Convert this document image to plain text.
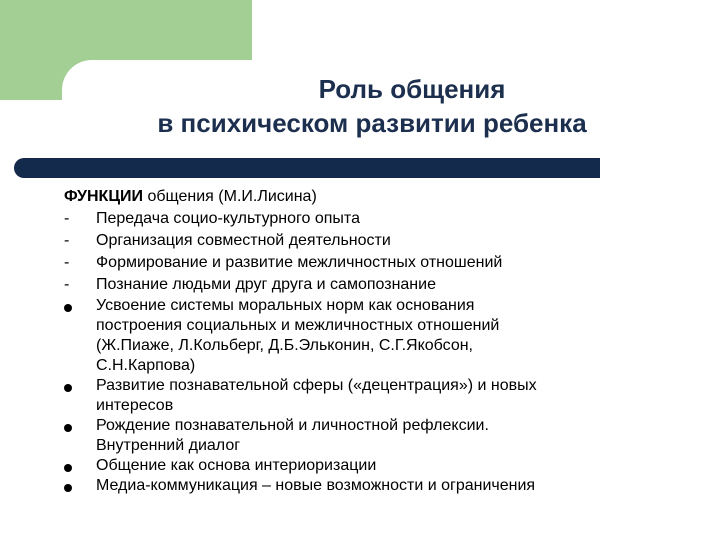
Роль общения
в психическом развитии ребенка
ФУНКЦИИ общения (М.И.Лисина)
-	Передача социо-культурного опыта
-	Организация совместной деятельности
-	Формирование и развитие межличностных отношений
-	Познание людьми друг друга и самопознание
Усвоение системы моральных норм как основания
построения социальных и межличностных отношений
(Ж.Пиаже, Л.Кольберг, Д.Б.Эльконин, С.Г.Якобсон,
С.Н.Карпова)
Развитие познавательной сферы («децентрация») и новых
интересов
Рождение познавательной и личностной рефлексии.
Внутренний диалог
Общение как основа интериоризации
Медиа-коммуникация – новые возможности и ограничения
